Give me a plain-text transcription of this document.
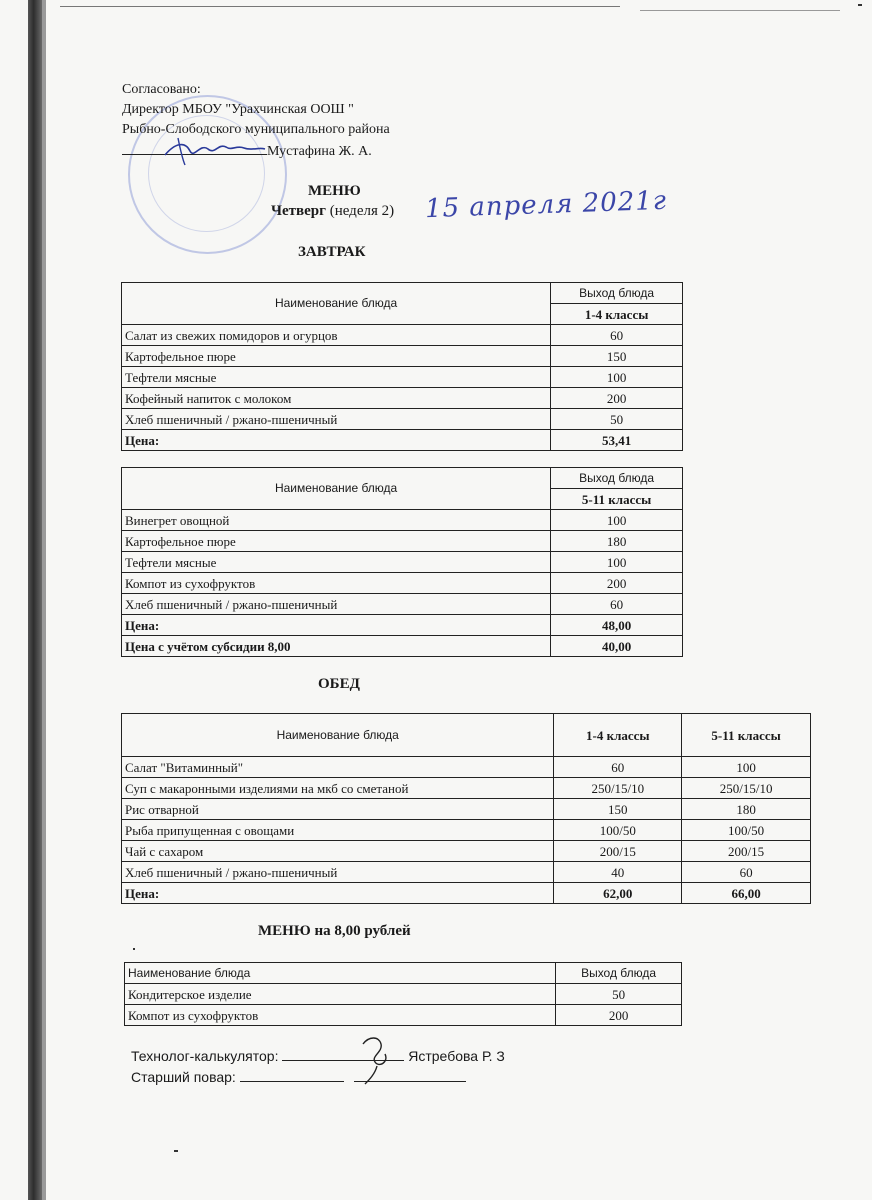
Согласовано:
Директор МБОУ "Урахчинская ООШ "
Рыбно-Слободского муниципального района
Мустафина Ж. А.
МЕНЮ
Четверг (неделя 2) 15 апреля 2021г
ЗАВТРАК
Наименование блюда	Выход блюда
	1-4 классы
Салат из свежих помидоров и огурцов	60
Картофельное пюре	150
Тефтели мясные	100
Кофейный напиток с молоком	200
Хлеб пшеничный / ржано-пшеничный	50
Цена:	53,41
Наименование блюда	Выход блюда
	5-11 классы
Винегрет овощной	100
Картофельное пюре	180
Тефтели мясные	100
Компот из сухофруктов	200
Хлеб пшеничный / ржано-пшеничный	60
Цена:	48,00
Цена с учётом субсидии 8,00	40,00
ОБЕД
Наименование блюда	1-4 классы	5-11 классы
Салат "Витаминный"	60	100
Суп с макаронными изделиями на мкб со сметаной	250/15/10	250/15/10
Рис отварной	150	180
Рыба припущенная с овощами	100/50	100/50
Чай с сахаром	200/15	200/15
Хлеб пшеничный / ржано-пшеничный	40	60
Цена:	62,00	66,00
МЕНЮ на 8,00 рублей
Наименование блюда	Выход блюда
Кондитерское изделие	50
Компот из сухофруктов	200
Технолог-калькулятор:	Ястребова Р. З
Старший повар:
